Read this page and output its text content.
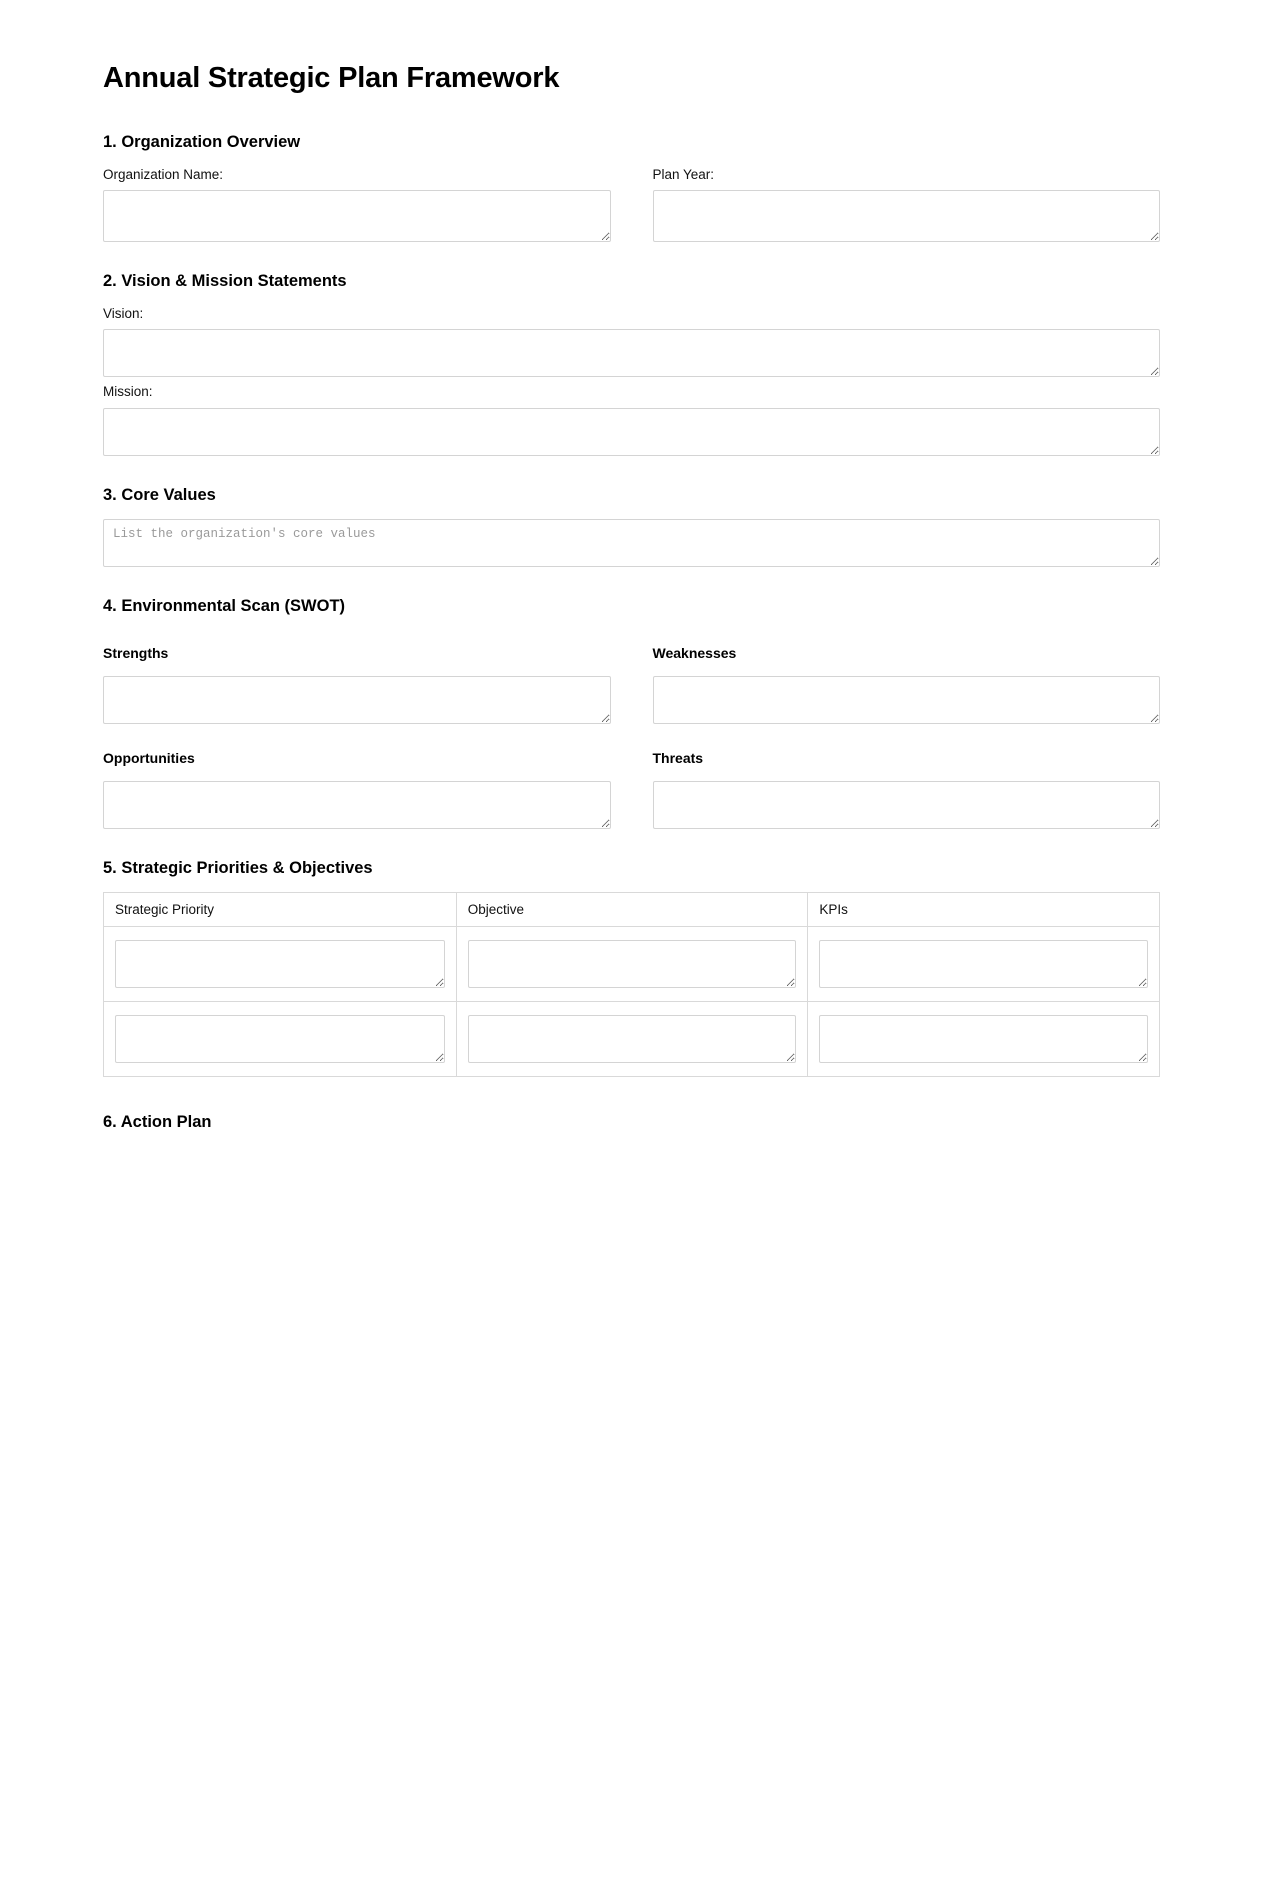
Annual Strategic Plan Framework
1. Organization Overview
Organization Name:	Plan Year:
2. Vision & Mission Statements
Vision:
Mission:
3. Core Values
List the organization's core values
4. Environmental Scan (SWOT)
Strengths	Weaknesses
Opportunities	Threats
5. Strategic Priorities & Objectives
Strategic Priority	Objective	KPIs

6. Action Plan
